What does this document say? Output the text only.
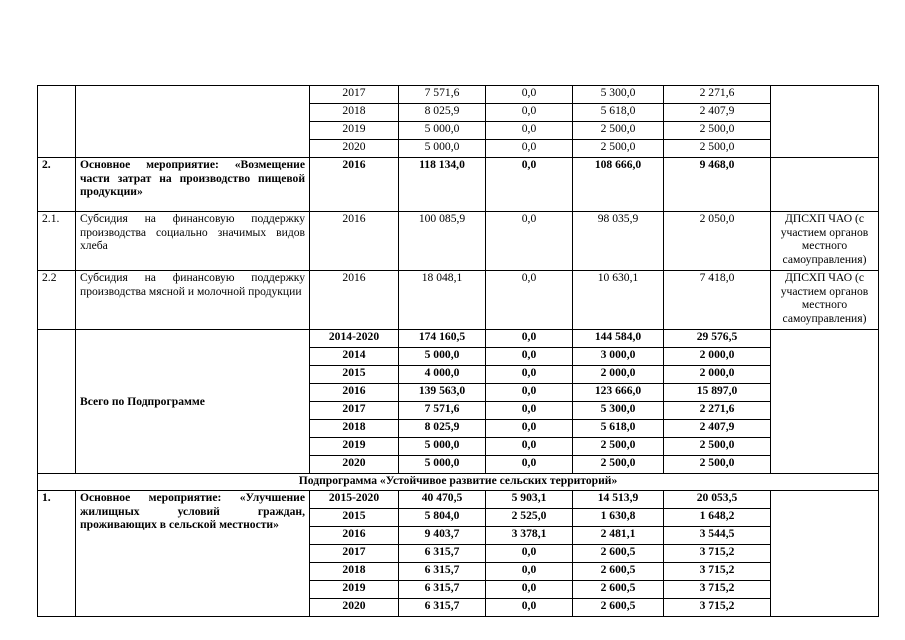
		2017	7 571,6	0,0	5 300,0	2 271,6	
		2018	8 025,9	0,0	5 618,0	2 407,9	
		2019	5 000,0	0,0	2 500,0	2 500,0	
		2020	5 000,0	0,0	2 500,0	2 500,0	
2.	Основное мероприятие: «Возмещение части затрат на производство пищевой продукции»	2016	118 134,0	0,0	108 666,0	9 468,0	
2.1.	Субсидия на финансовую поддержку производства социально значимых видов хлеба	2016	100 085,9	0,0	98 035,9	2 050,0	ДПСХП ЧАО (с участием органов местного самоуправления)
2.2	Субсидия на финансовую поддержку производства мясной и молочной продукции	2016	18 048,1	0,0	10 630,1	7 418,0	ДПСХП ЧАО (с участием органов местного самоуправления)
	Всего по Подпрограмме	2014-2020	174 160,5	0,0	144 584,0	29 576,5	
		2014	5 000,0	0,0	3 000,0	2 000,0	
		2015	4 000,0	0,0	2 000,0	2 000,0	
		2016	139 563,0	0,0	123 666,0	15 897,0	
		2017	7 571,6	0,0	5 300,0	2 271,6	
		2018	8 025,9	0,0	5 618,0	2 407,9	
		2019	5 000,0	0,0	2 500,0	2 500,0	
		2020	5 000,0	0,0	2 500,0	2 500,0	
Подпрограмма «Устойчивое развитие сельских территорий»							
1.	Основное мероприятие: «Улучшение жилищных условий граждан, проживающих в сельской местности»	2015-2020	40 470,5	5 903,1	14 513,9	20 053,5	
		2015	5 804,0	2 525,0	1 630,8	1 648,2	
		2016	9 403,7	3 378,1	2 481,1	3 544,5	
		2017	6 315,7	0,0	2 600,5	3 715,2	
		2018	6 315,7	0,0	2 600,5	3 715,2	
		2019	6 315,7	0,0	2 600,5	3 715,2	
		2020	6 315,7	0,0	2 600,5	3 715,2	
